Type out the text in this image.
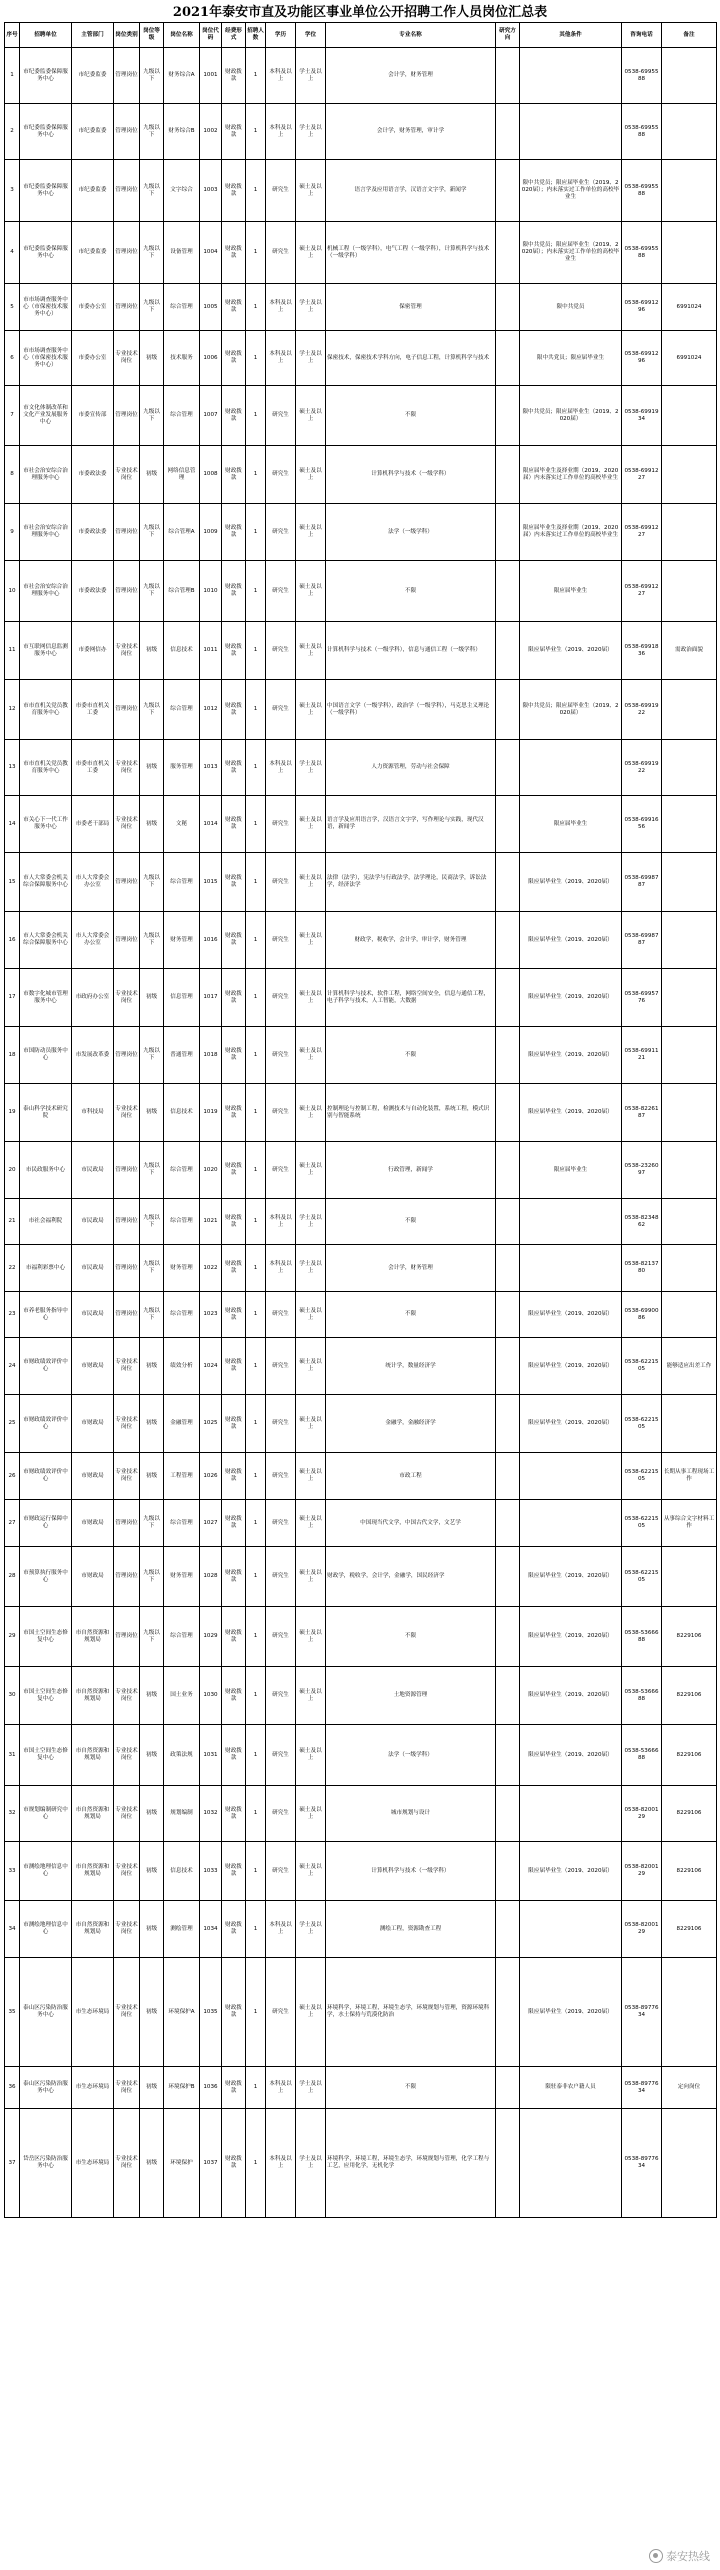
2021年泰安市直及功能区事业单位公开招聘工作人员岗位汇总表
序号	招聘单位	主管部门	岗位类别	岗位等级	岗位名称	岗位代码	经费形式	招聘人数	学历	学位	专业名称	研究方向	其他条件	咨询电话	备注
1	市纪委监委保障服务中心	市纪委监委	管理岗位	九级以下	财务综合A	1001	财政拨款	1	本科及以上	学士及以上	会计学，财务管理			0538-6995588	
2	市纪委监委保障服务中心	市纪委监委	管理岗位	九级以下	财务综合B	1002	财政拨款	1	本科及以上	学士及以上	会计学，财务管理，审计学			0538-6995588	
3	市纪委监委保障服务中心	市纪委监委	管理岗位	九级以下	文字综合	1003	财政拨款	1	研究生	硕士及以上	语言学及应用语言学，汉语言文字学，新闻学		限中共党员；限应届毕业生（2019、2020届）；内未落实过工作单位的高校毕业生	0538-6995588	
4	市纪委监委保障服务中心	市纪委监委	管理岗位	九级以下	设备管理	1004	财政拨款	1	研究生	硕士及以上	机械工程（一级学科），电气工程（一级学科），计算机科学与技术（一级学科）		限中共党员；限应届毕业生（2019、2020届）；内未落实过工作单位的高校毕业生	0538-6995588	
5	市市场调查服务中心（市保密技术服务中心）	市委办公室	管理岗位	九级以下	综合管理	1005	财政拨款	1	本科及以上	学士及以上	保密管理		限中共党员	0538-6991296	6991024
6	市市场调查服务中心（市保密技术服务中心）	市委办公室	专业技术岗位	初级	技术服务	1006	财政拨款	1	本科及以上	学士及以上	保密技术，保密技术学科方向，电子信息工程，计算机科学与技术		限中共党员；限应届毕业生	0538-6991296	6991024
7	市文化体制改革和文化产业发展服务中心	市委宣传部	管理岗位	九级以下	综合管理	1007	财政拨款	1	研究生	硕士及以上	不限		限中共党员；限应届毕业生（2019、2020届）	0538-6991934	
8	市社会治安综合治理服务中心	市委政法委	专业技术岗位	初级	网络信息管理	1008	财政拨款	1	研究生	硕士及以上	计算机科学与技术（一级学科）		限应届毕业生及择业期（2019、2020届）内未落实过工作单位的高校毕业生	0538-6991227	
9	市社会治安综合治理服务中心	市委政法委	管理岗位	九级以下	综合管理A	1009	财政拨款	1	研究生	硕士及以上	法学（一级学科）		限应届毕业生及择业期（2019、2020届）内未落实过工作单位的高校毕业生	0538-6991227	
10	市社会治安综合治理服务中心	市委政法委	管理岗位	九级以下	综合管理B	1010	财政拨款	1	研究生	硕士及以上	不限		限应届毕业生	0538-6991227	
11	市互联网信息监测服务中心	市委网信办	专业技术岗位	初级	信息技术	1011	财政拨款	1	研究生	硕士及以上	计算机科学与技术（一级学科），信息与通信工程（一级学科）		限应届毕业生（2019、2020届）	0538-6991836	需政治面貌
12	市市直机关党员教育服务中心	市委市直机关工委	管理岗位	九级以下	综合管理	1012	财政拨款	1	研究生	硕士及以上	中国语言文学（一级学科），政治学（一级学科），马克思主义理论（一级学科）		限中共党员；限应届毕业生（2019、2020届）	0538-6991922	
13	市市直机关党员教育服务中心	市委市直机关工委	专业技术岗位	初级	服务管理	1013	财政拨款	1	本科及以上	学士及以上	人力资源管理，劳动与社会保障			0538-6991922	
14	市关心下一代工作服务中心	市委老干部局	专业技术岗位	初级	文秘	1014	财政拨款	1	研究生	硕士及以上	语言学及应用语言学，汉语言文字学，写作理论与实践，现代汉语，新闻学		限应届毕业生	0538-6991656	
15	市人大常委会机关综合保障服务中心	市人大常委会办公室	管理岗位	九级以下	综合管理	1015	财政拨款	1	研究生	硕士及以上	法律（法学），宪法学与行政法学，法学理论，民商法学，诉讼法学，经济法学		限应届毕业生（2019、2020届）	0538-6998787	
16	市人大常委会机关综合保障服务中心	市人大常委会办公室	管理岗位	九级以下	财务管理	1016	财政拨款	1	研究生	硕士及以上	财政学，税收学，会计学，审计学，财务管理		限应届毕业生（2019、2020届）	0538-6998787	
17	市数字化城市管理服务中心	市政府办公室	专业技术岗位	初级	信息管理	1017	财政拨款	1	研究生	硕士及以上	计算机科学与技术，软件工程，网络空间安全，信息与通信工程，电子科学与技术，人工智能，大数据		限应届毕业生（2019、2020届）	0538-6995776	
18	市国防动员服务中心	市发展改革委	管理岗位	九级以下	普通管理	1018	财政拨款	1	研究生	硕士及以上	不限		限应届毕业生（2019、2020届）	0538-6991121	
19	泰山科学技术研究院	市科技局	专业技术岗位	初级	信息技术	1019	财政拨款	1	研究生	硕士及以上	控制理论与控制工程，检测技术与自动化装置，系统工程，模式识别与智能系统		限应届毕业生（2019、2020届）	0538-8226187	
20	市民政服务中心	市民政局	管理岗位	九级以下	综合管理	1020	财政拨款	1	研究生	硕士及以上	行政管理，新闻学		限应届毕业生	0538-2326097	
21	市社会福利院	市民政局	管理岗位	九级以下	综合管理	1021	财政拨款	1	本科及以上	学士及以上	不限			0538-8234862	
22	市福利彩票中心	市民政局	管理岗位	九级以下	财务管理	1022	财政拨款	1	本科及以上	学士及以上	会计学，财务管理			0538-8213780	
23	市养老服务指导中心	市民政局	管理岗位	九级以下	综合管理	1023	财政拨款	1	研究生	硕士及以上	不限		限应届毕业生（2019、2020届）	0538-6990086	
24	市财政绩效评价中心	市财政局	专业技术岗位	初级	绩效分析	1024	财政拨款	1	研究生	硕士及以上	统计学，数量经济学		限应届毕业生（2019、2020届）	0538-6221505	能够适应出差工作
25	市财政绩效评价中心	市财政局	专业技术岗位	初级	金融管理	1025	财政拨款	1	研究生	硕士及以上	金融学，金融经济学		限应届毕业生（2019、2020届）	0538-6221505	
26	市财政绩效评价中心	市财政局	专业技术岗位	初级	工程管理	1026	财政拨款	1	研究生	硕士及以上	市政工程			0538-6221505	长期从事工程现场工作
27	市财政运行保障中心	市财政局	管理岗位	九级以下	综合管理	1027	财政拨款	1	研究生	硕士及以上	中国现当代文学，中国古代文学，文艺学			0538-6221505	从事综合文字材料工作
28	市预算执行服务中心	市财政局	管理岗位	九级以下	财务管理	1028	财政拨款	1	研究生	硕士及以上	财政学，税收学，会计学，金融学，国民经济学		限应届毕业生（2019、2020届）	0538-6221505	
29	市国土空间生态修复中心	市自然资源和规划局	管理岗位	九级以下	综合管理	1029	财政拨款	1	研究生	硕士及以上	不限		限应届毕业生（2019、2020届）	0538-5366688	8229106
30	市国土空间生态修复中心	市自然资源和规划局	专业技术岗位	初级	国土业务	1030	财政拨款	1	研究生	硕士及以上	土地资源管理		限应届毕业生（2019、2020届）	0538-5366688	8229106
31	市国土空间生态修复中心	市自然资源和规划局	专业技术岗位	初级	政策法规	1031	财政拨款	1	研究生	硕士及以上	法学（一级学科）		限应届毕业生（2019、2020届）	0538-5366688	8229106
32	市规划编制研究中心	市自然资源和规划局	专业技术岗位	初级	规划编制	1032	财政拨款	1	研究生	硕士及以上	城市规划与设计			0538-8200129	8229106
33	市测绘地理信息中心	市自然资源和规划局	专业技术岗位	初级	信息技术	1033	财政拨款	1	研究生	硕士及以上	计算机科学与技术（一级学科）		限应届毕业生（2019、2020届）	0538-8200129	8229106
34	市测绘地理信息中心	市自然资源和规划局	专业技术岗位	初级	测绘管理	1034	财政拨款	1	本科及以上	学士及以上	测绘工程，资源勘查工程			0538-8200129	8229106
35	泰山区污染防治服务中心	市生态环境局	专业技术岗位	初级	环境保护A	1035	财政拨款	1	研究生	硕士及以上	环境科学，环境工程，环境生态学，环境规划与管理，资源环境科学，水土保持与荒漠化防治		限应届毕业生（2019、2020届）	0538-8977634	
36	泰山区污染防治服务中心	市生态环境局	专业技术岗位	初级	环境保护B	1036	财政拨款	1	本科及以上	学士及以上	不限		限驻泰非农户籍人员	0538-8977634	定向岗位
37	岱岳区污染防治服务中心	市生态环境局	专业技术岗位	初级	环境保护	1037	财政拨款	1	本科及以上	学士及以上	环境科学，环境工程，环境生态学，环境规划与管理，化学工程与工艺，应用化学，无机化学			0538-8977634	
泰安热线
